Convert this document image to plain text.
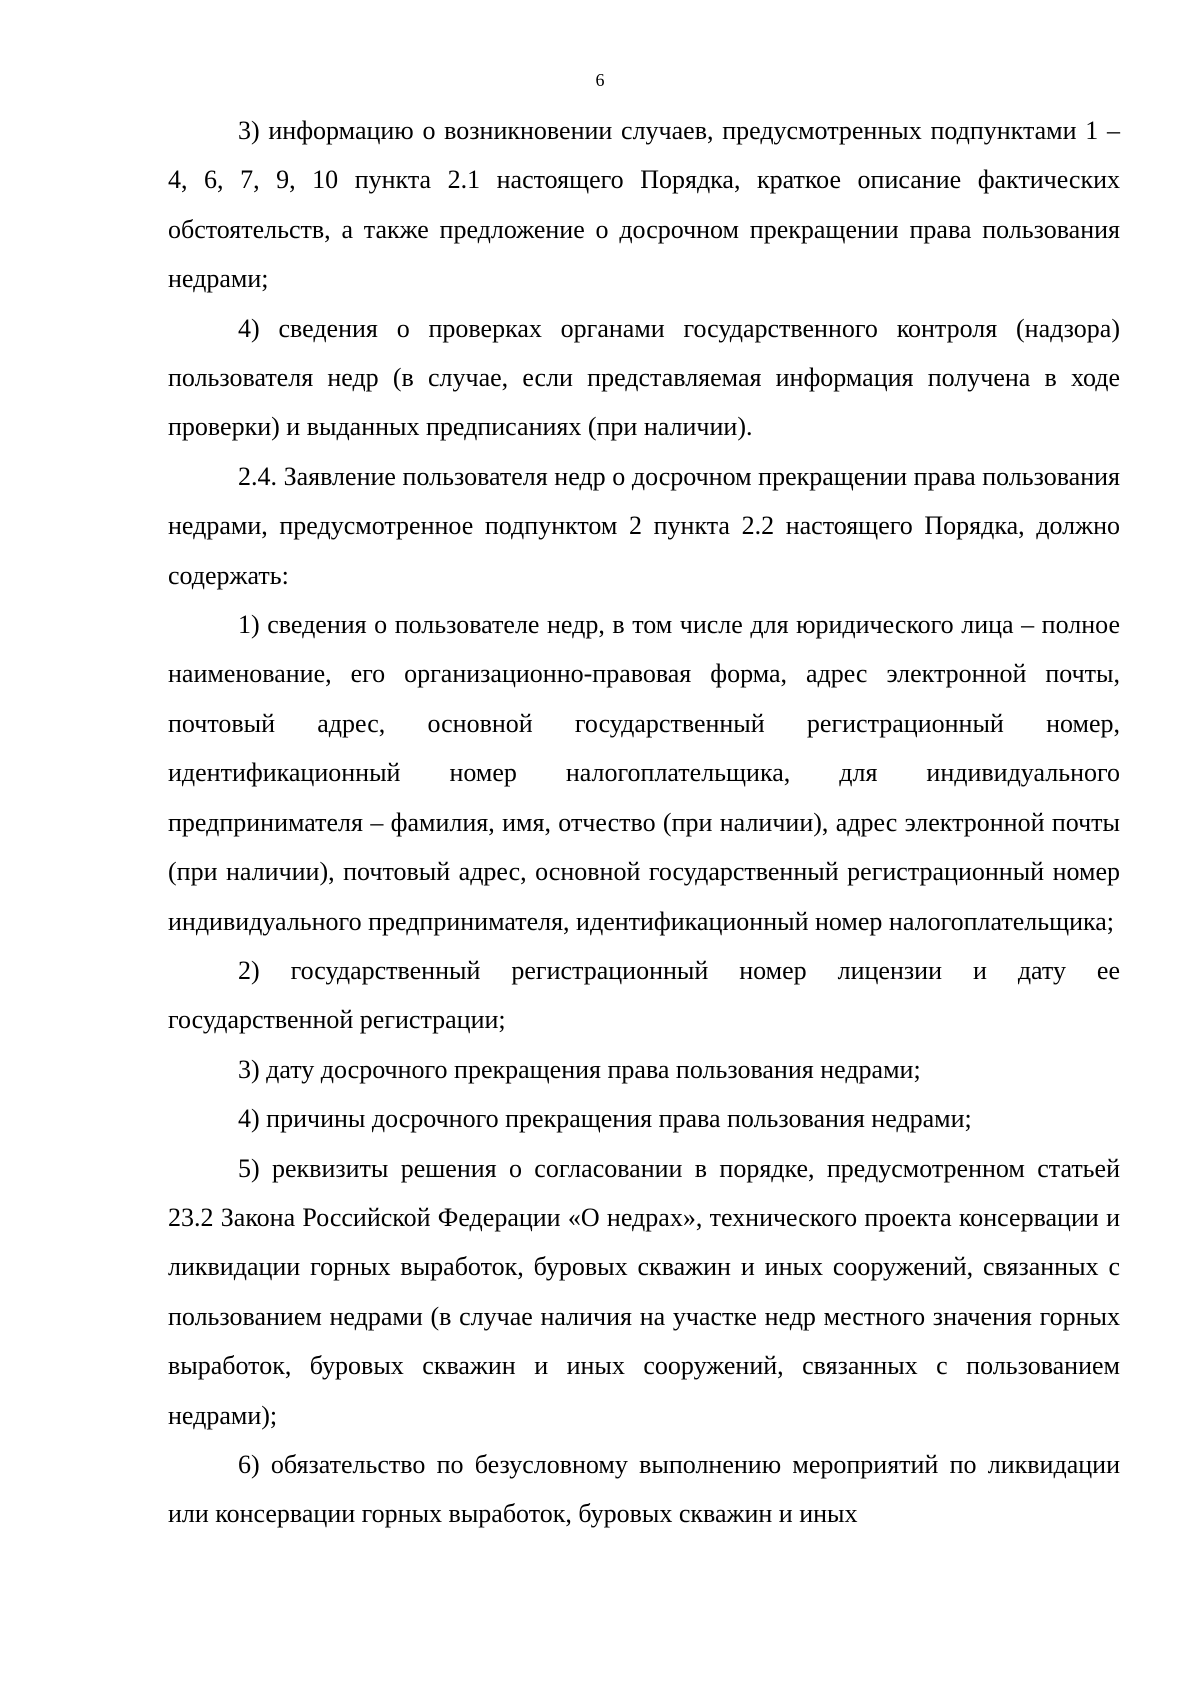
6

3) информацию о возникновении случаев, предусмотренных подпунктами 1 – 4, 6, 7, 9, 10 пункта 2.1 настоящего Порядка, краткое описание фактических обстоятельств, а также предложение о досрочном прекращении права пользования недрами;

4) сведения о проверках органами государственного контроля (надзора) пользователя недр (в случае, если представляемая информация получена в ходе проверки) и выданных предписаниях (при наличии).

2.4. Заявление пользователя недр о досрочном прекращении права пользования недрами, предусмотренное подпунктом 2 пункта 2.2 настоящего Порядка, должно содержать:

1) сведения о пользователе недр, в том числе для юридического лица – полное наименование, его организационно-правовая форма, адрес электронной почты, почтовый адрес, основной государственный регистрационный номер, идентификационный номер налогоплательщика, для индивидуального предпринимателя – фамилия, имя, отчество (при наличии), адрес электронной почты (при наличии), почтовый адрес, основной государственный регистрационный номер индивидуального предпринимателя, идентификационный номер налогоплательщика;

2) государственный регистрационный номер лицензии и дату ее государственной регистрации;

3) дату досрочного прекращения права пользования недрами;

4) причины досрочного прекращения права пользования недрами;

5) реквизиты решения о согласовании в порядке, предусмотренном статьей 23.2 Закона Российской Федерации «О недрах», технического проекта консервации и ликвидации горных выработок, буровых скважин и иных сооружений, связанных с пользованием недрами (в случае наличия на участке недр местного значения горных выработок, буровых скважин и иных сооружений, связанных с пользованием недрами);

6) обязательство по безусловному выполнению мероприятий по ликвидации или консервации горных выработок, буровых скважин и иных
